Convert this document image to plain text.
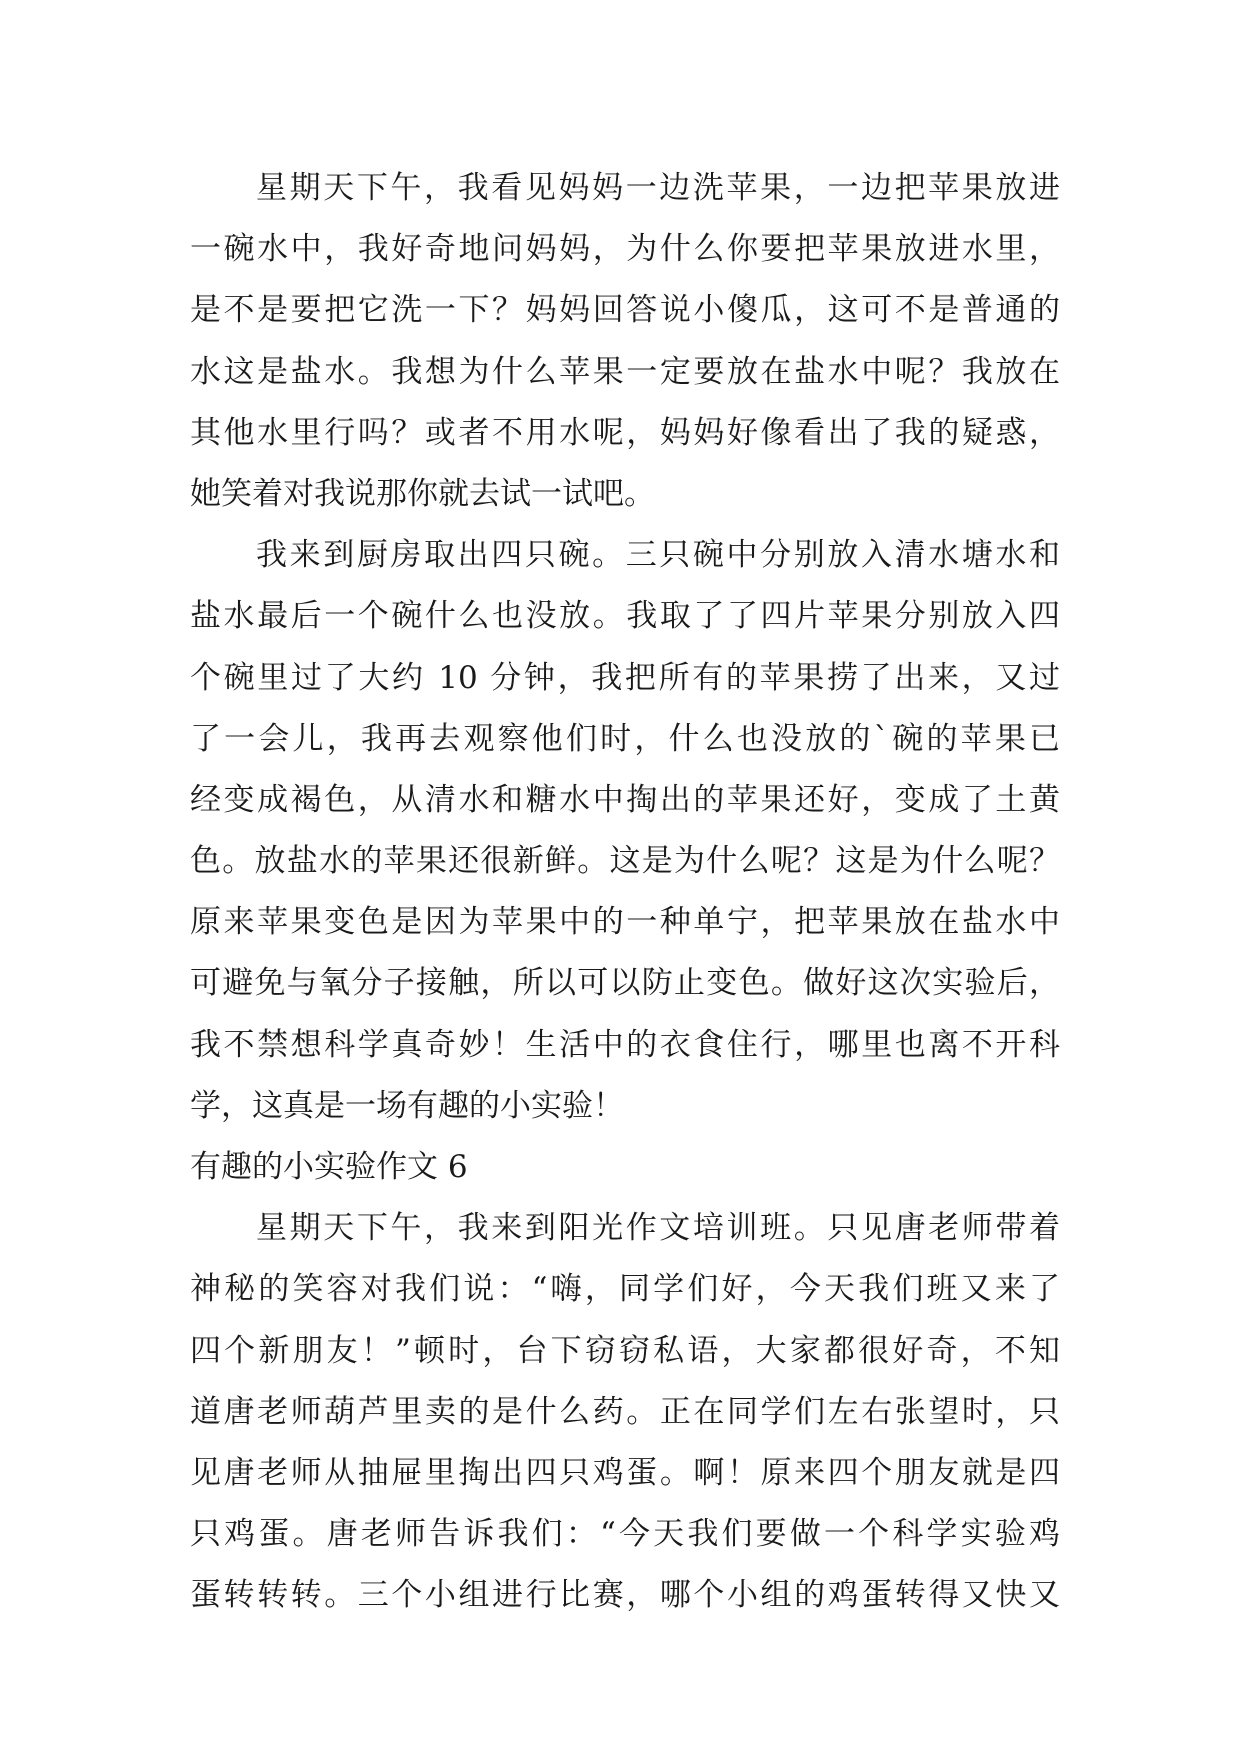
星期天下午，我看见妈妈一边洗苹果，一边把苹果放进
一碗水中，我好奇地问妈妈，为什么你要把苹果放进水里，
是不是要把它洗一下？妈妈回答说小傻瓜，这可不是普通的
水这是盐水。我想为什么苹果一定要放在盐水中呢？我放在
其他水里行吗？或者不用水呢，妈妈好像看出了我的疑惑，
她笑着对我说那你就去试一试吧。
我来到厨房取出四只碗。三只碗中分别放入清水塘水和
盐水最后一个碗什么也没放。我取了了四片苹果分别放入四
个碗里过了大约 10 分钟，我把所有的苹果捞了出来，又过
了一会儿，我再去观察他们时，什么也没放的`碗的苹果已
经变成褐色，从清水和糖水中掏出的苹果还好，变成了土黄
色。放盐水的苹果还很新鲜。这是为什么呢？这是为什么呢？
原来苹果变色是因为苹果中的一种单宁，把苹果放在盐水中
可避免与氧分子接触，所以可以防止变色。做好这次实验后，
我不禁想科学真奇妙！生活中的衣食住行，哪里也离不开科
学，这真是一场有趣的小实验！
有趣的小实验作文 6
星期天下午，我来到阳光作文培训班。只见唐老师带着
神秘的笑容对我们说：“嗨，同学们好，今天我们班又来了
四个新朋友！”顿时，台下窃窃私语，大家都很好奇，不知
道唐老师葫芦里卖的是什么药。正在同学们左右张望时，只
见唐老师从抽屉里掏出四只鸡蛋。啊！原来四个朋友就是四
只鸡蛋。唐老师告诉我们：“今天我们要做一个科学实验鸡
蛋转转转。三个小组进行比赛，哪个小组的鸡蛋转得又快又
